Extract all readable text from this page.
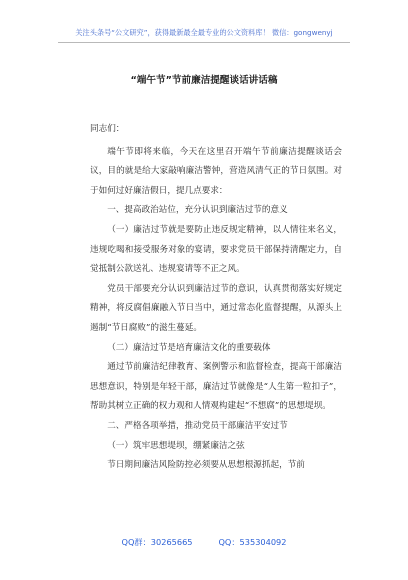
关注头条号“公文研究”，获得最新最全最专业的公文资料库！ 微信：gongwenyj
“端午节”节前廉洁提醒谈话讲话稿

同志们：

端午节即将来临，今天在这里召开端午节前廉洁提醒谈话会议，目的就是给大家敲响廉洁警钟，营造风清气正的节日氛围。对于如何过好廉洁假日，提几点要求：

一、提高政治站位，充分认识到廉洁过节的意义

（一）廉洁过节就是要防止违反规定精神，以人情往来名义，违规吃喝和接受服务对象的宴请，要求党员干部保持清醒定力，自觉抵制公款送礼、违规宴请等不正之风。

党员干部要充分认识到廉洁过节的意识，认真贯彻落实好规定精神，将反腐倡廉融入节日当中，通过常态化监督提醒，从源头上遏制“节日腐败”的滋生蔓延。

（二）廉洁过节是培育廉洁文化的重要载体

通过节前廉洁纪律教育、案例警示和监督检查，提高干部廉洁思想意识，特别是年轻干部，廉洁过节就像是“人生第一粒扣子”，帮助其树立正确的权力观和人情观构建起“不想腐”的思想堤坝。

二、严格各项举措，推动党员干部廉洁平安过节

（一）筑牢思想堤坝，绷紧廉洁之弦

节日期间廉洁风险防控必须要从思想根源抓起，节前

QQ群：30265665	QQ：535304092
